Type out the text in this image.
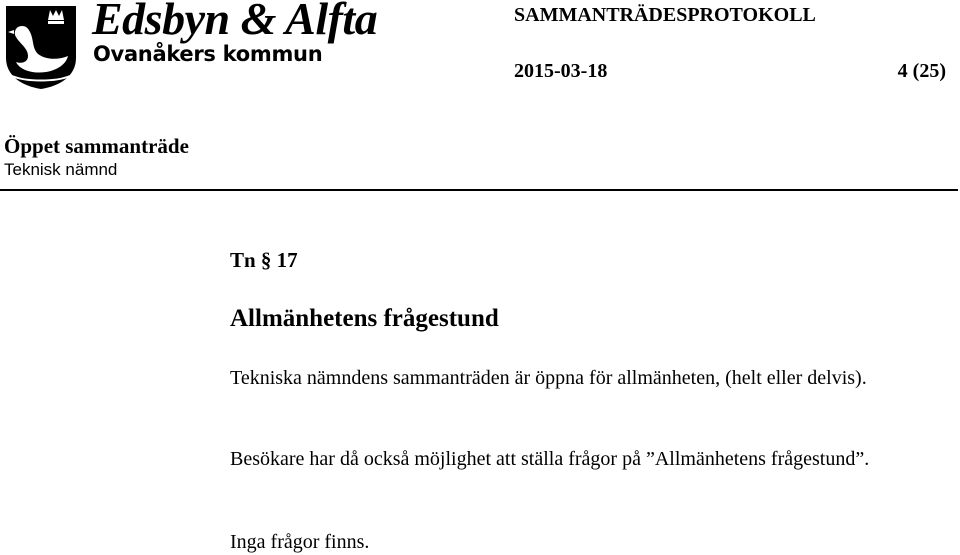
Edsbyn & Alfta
Ovanåkers kommun
SAMMANTRÄDESPROTOKOLL
2015-03-18	4 (25)
Öppet sammanträde
Teknisk nämnd
Tn § 17
Allmänhetens frågestund

Tekniska nämndens sammanträden är öppna för allmänheten, (helt eller delvis).

Besökare har då också möjlighet att ställa frågor på ”Allmänhetens frågestund”.

Inga frågor finns.
